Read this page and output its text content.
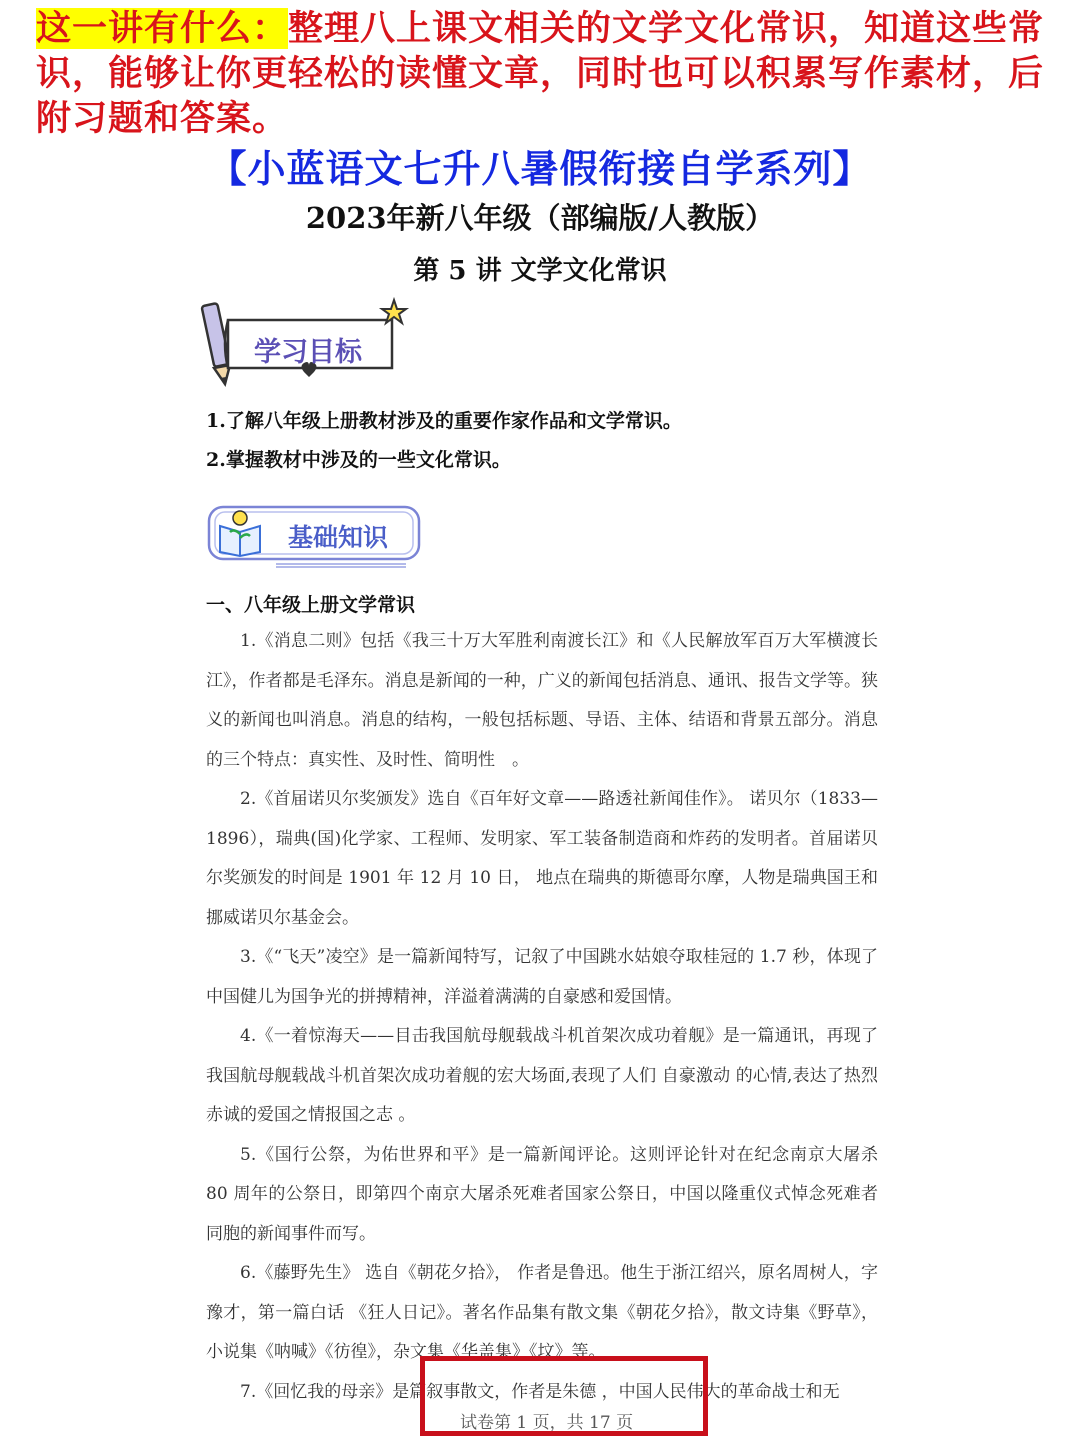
这一讲有什么：整理八上课文相关的文学文化常识，知道这些常识，能够让你更轻松的读懂文章，同时也可以积累写作素材，后附习题和答案。
【小蓝语文七升八暑假衔接自学系列】
2023年新八年级（部编版/人教版）
第 5 讲 文学文化常识
学习目标
1.了解八年级上册教材涉及的重要作家作品和文学常识。
2.掌握教材中涉及的一些文化常识。
基础知识
一、八年级上册文学常识

1.《消息二则》包括《我三十万大军胜利南渡长江》和《人民解放军百万大军横渡长江》，作者都是毛泽东。消息是新闻的一种，广义的新闻包括消息、通讯、报告文学等。狭义的新闻也叫消息。消息的结构，一般包括标题、导语、主体、结语和背景五部分。消息的三个特点：真实性、及时性、简明性　。

2.《首届诺贝尔奖颁发》选自《百年好文章——路透社新闻佳作》。 诺贝尔（1833—1896），瑞典(国)化学家、工程师、发明家、军工装备制造商和炸药的发明者。首届诺贝尔奖颁发的时间是 1901 年 12 月 10 日， 地点在瑞典的斯德哥尔摩，人物是瑞典国王和挪威诺贝尔基金会。

3.《“飞天”凌空》是一篇新闻特写，记叙了中国跳水姑娘夺取桂冠的 1.7 秒，体现了中国健儿为国争光的拼搏精神，洋溢着满满的自豪感和爱国情。

4.《一着惊海天——目击我国航母舰载战斗机首架次成功着舰》是一篇通讯，再现了我国航母舰载战斗机首架次成功着舰的宏大场面,表现了人们 自豪激动 的心情,表达了热烈赤诚的爱国之情报国之志 。

5.《国行公祭，为佑世界和平》是一篇新闻评论。这则评论针对在纪念南京大屠杀 80 周年的公祭日，即第四个南京大屠杀死难者国家公祭日，中国以隆重仪式悼念死难者同胞的新闻事件而写。

6.《藤野先生》 选自《朝花夕拾》， 作者是鲁迅。他生于浙江绍兴，原名周树人，字豫才，第一篇白话 《狂人日记》。著名作品集有散文集《朝花夕拾》，散文诗集《野草》，小说集《呐喊》《彷徨》，杂文集《华盖集》《坟》等。

7.《回忆我的母亲》是篇叙事散文，作者是朱德 ，中国人民伟大的革命战士和无

试卷第 1 页，共 17 页
